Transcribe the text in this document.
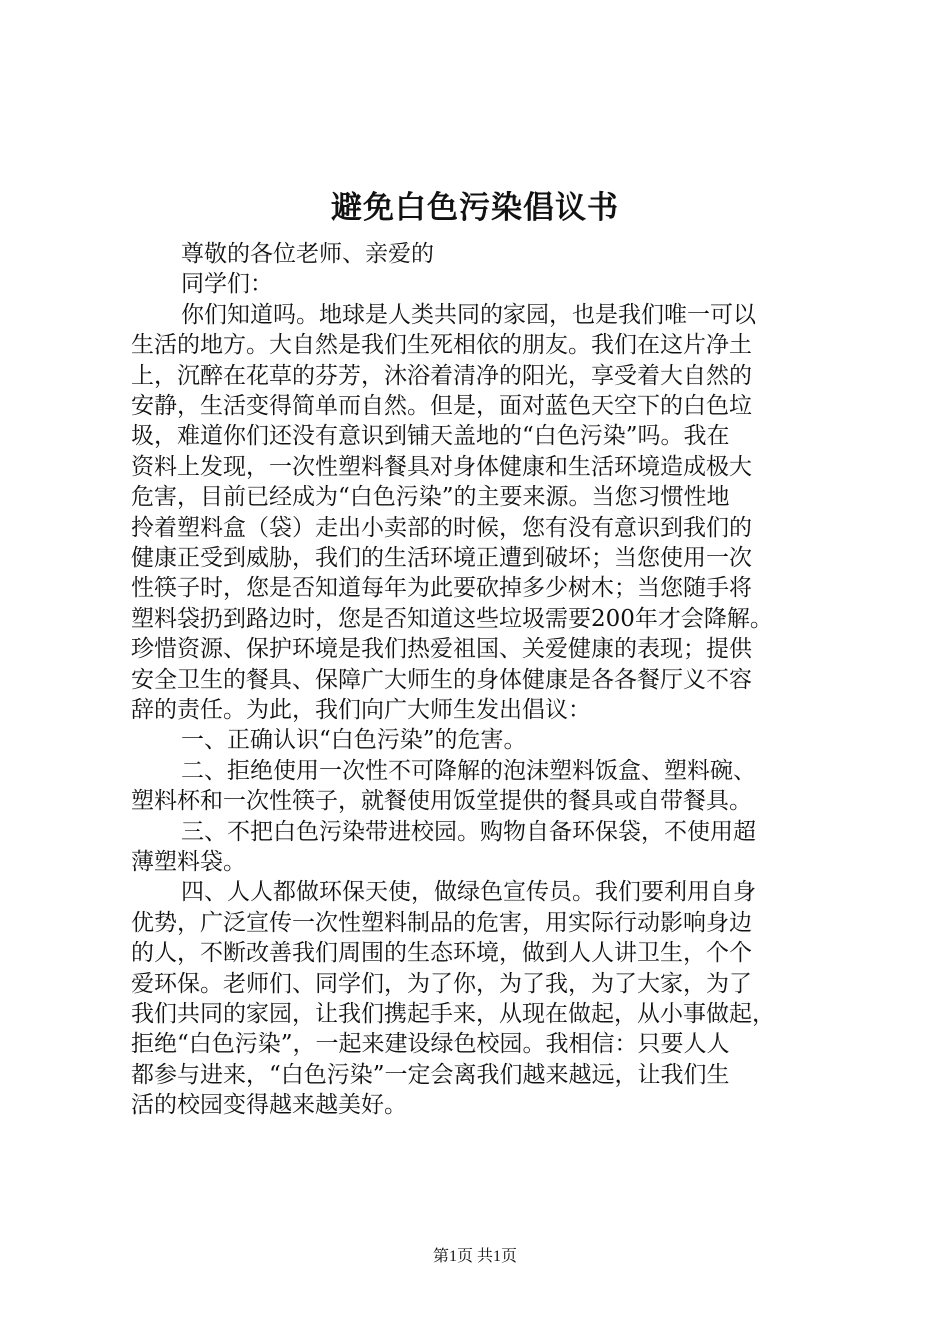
避免白色污染倡议书
尊敬的各位老师、亲爱的
同学们：
你们知道吗。地球是人类共同的家园，也是我们唯一可以
生活的地方。大自然是我们生死相依的朋友。我们在这片净土
上，沉醉在花草的芬芳，沐浴着清净的阳光，享受着大自然的
安静，生活变得简单而自然。但是，面对蓝色天空下的白色垃
圾，难道你们还没有意识到铺天盖地的“白色污染”吗。我在
资料上发现，一次性塑料餐具对身体健康和生活环境造成极大
危害，目前已经成为“白色污染”的主要来源。当您习惯性地
拎着塑料盒（袋）走出小卖部的时候，您有没有意识到我们的
健康正受到威胁，我们的生活环境正遭到破坏；当您使用一次
性筷子时，您是否知道每年为此要砍掉多少树木；当您随手将
塑料袋扔到路边时，您是否知道这些垃圾需要200年才会降解。
珍惜资源、保护环境是我们热爱祖国、关爱健康的表现；提供
安全卫生的餐具、保障广大师生的身体健康是各各餐厅义不容
辞的责任。为此，我们向广大师生发出倡议：
一、正确认识“白色污染”的危害。
二、拒绝使用一次性不可降解的泡沫塑料饭盒、塑料碗、
塑料杯和一次性筷子，就餐使用饭堂提供的餐具或自带餐具。
三、不把白色污染带进校园。购物自备环保袋，不使用超
薄塑料袋。
四、人人都做环保天使，做绿色宣传员。我们要利用自身
优势，广泛宣传一次性塑料制品的危害，用实际行动影响身边
的人，不断改善我们周围的生态环境，做到人人讲卫生，个个
爱环保。老师们、同学们，为了你，为了我，为了大家，为了
我们共同的家园，让我们携起手来，从现在做起，从小事做起，
拒绝“白色污染”，一起来建设绿色校园。我相信：只要人人
都参与进来，“白色污染”一定会离我们越来越远，让我们生
活的校园变得越来越美好。
第1页 共1页
